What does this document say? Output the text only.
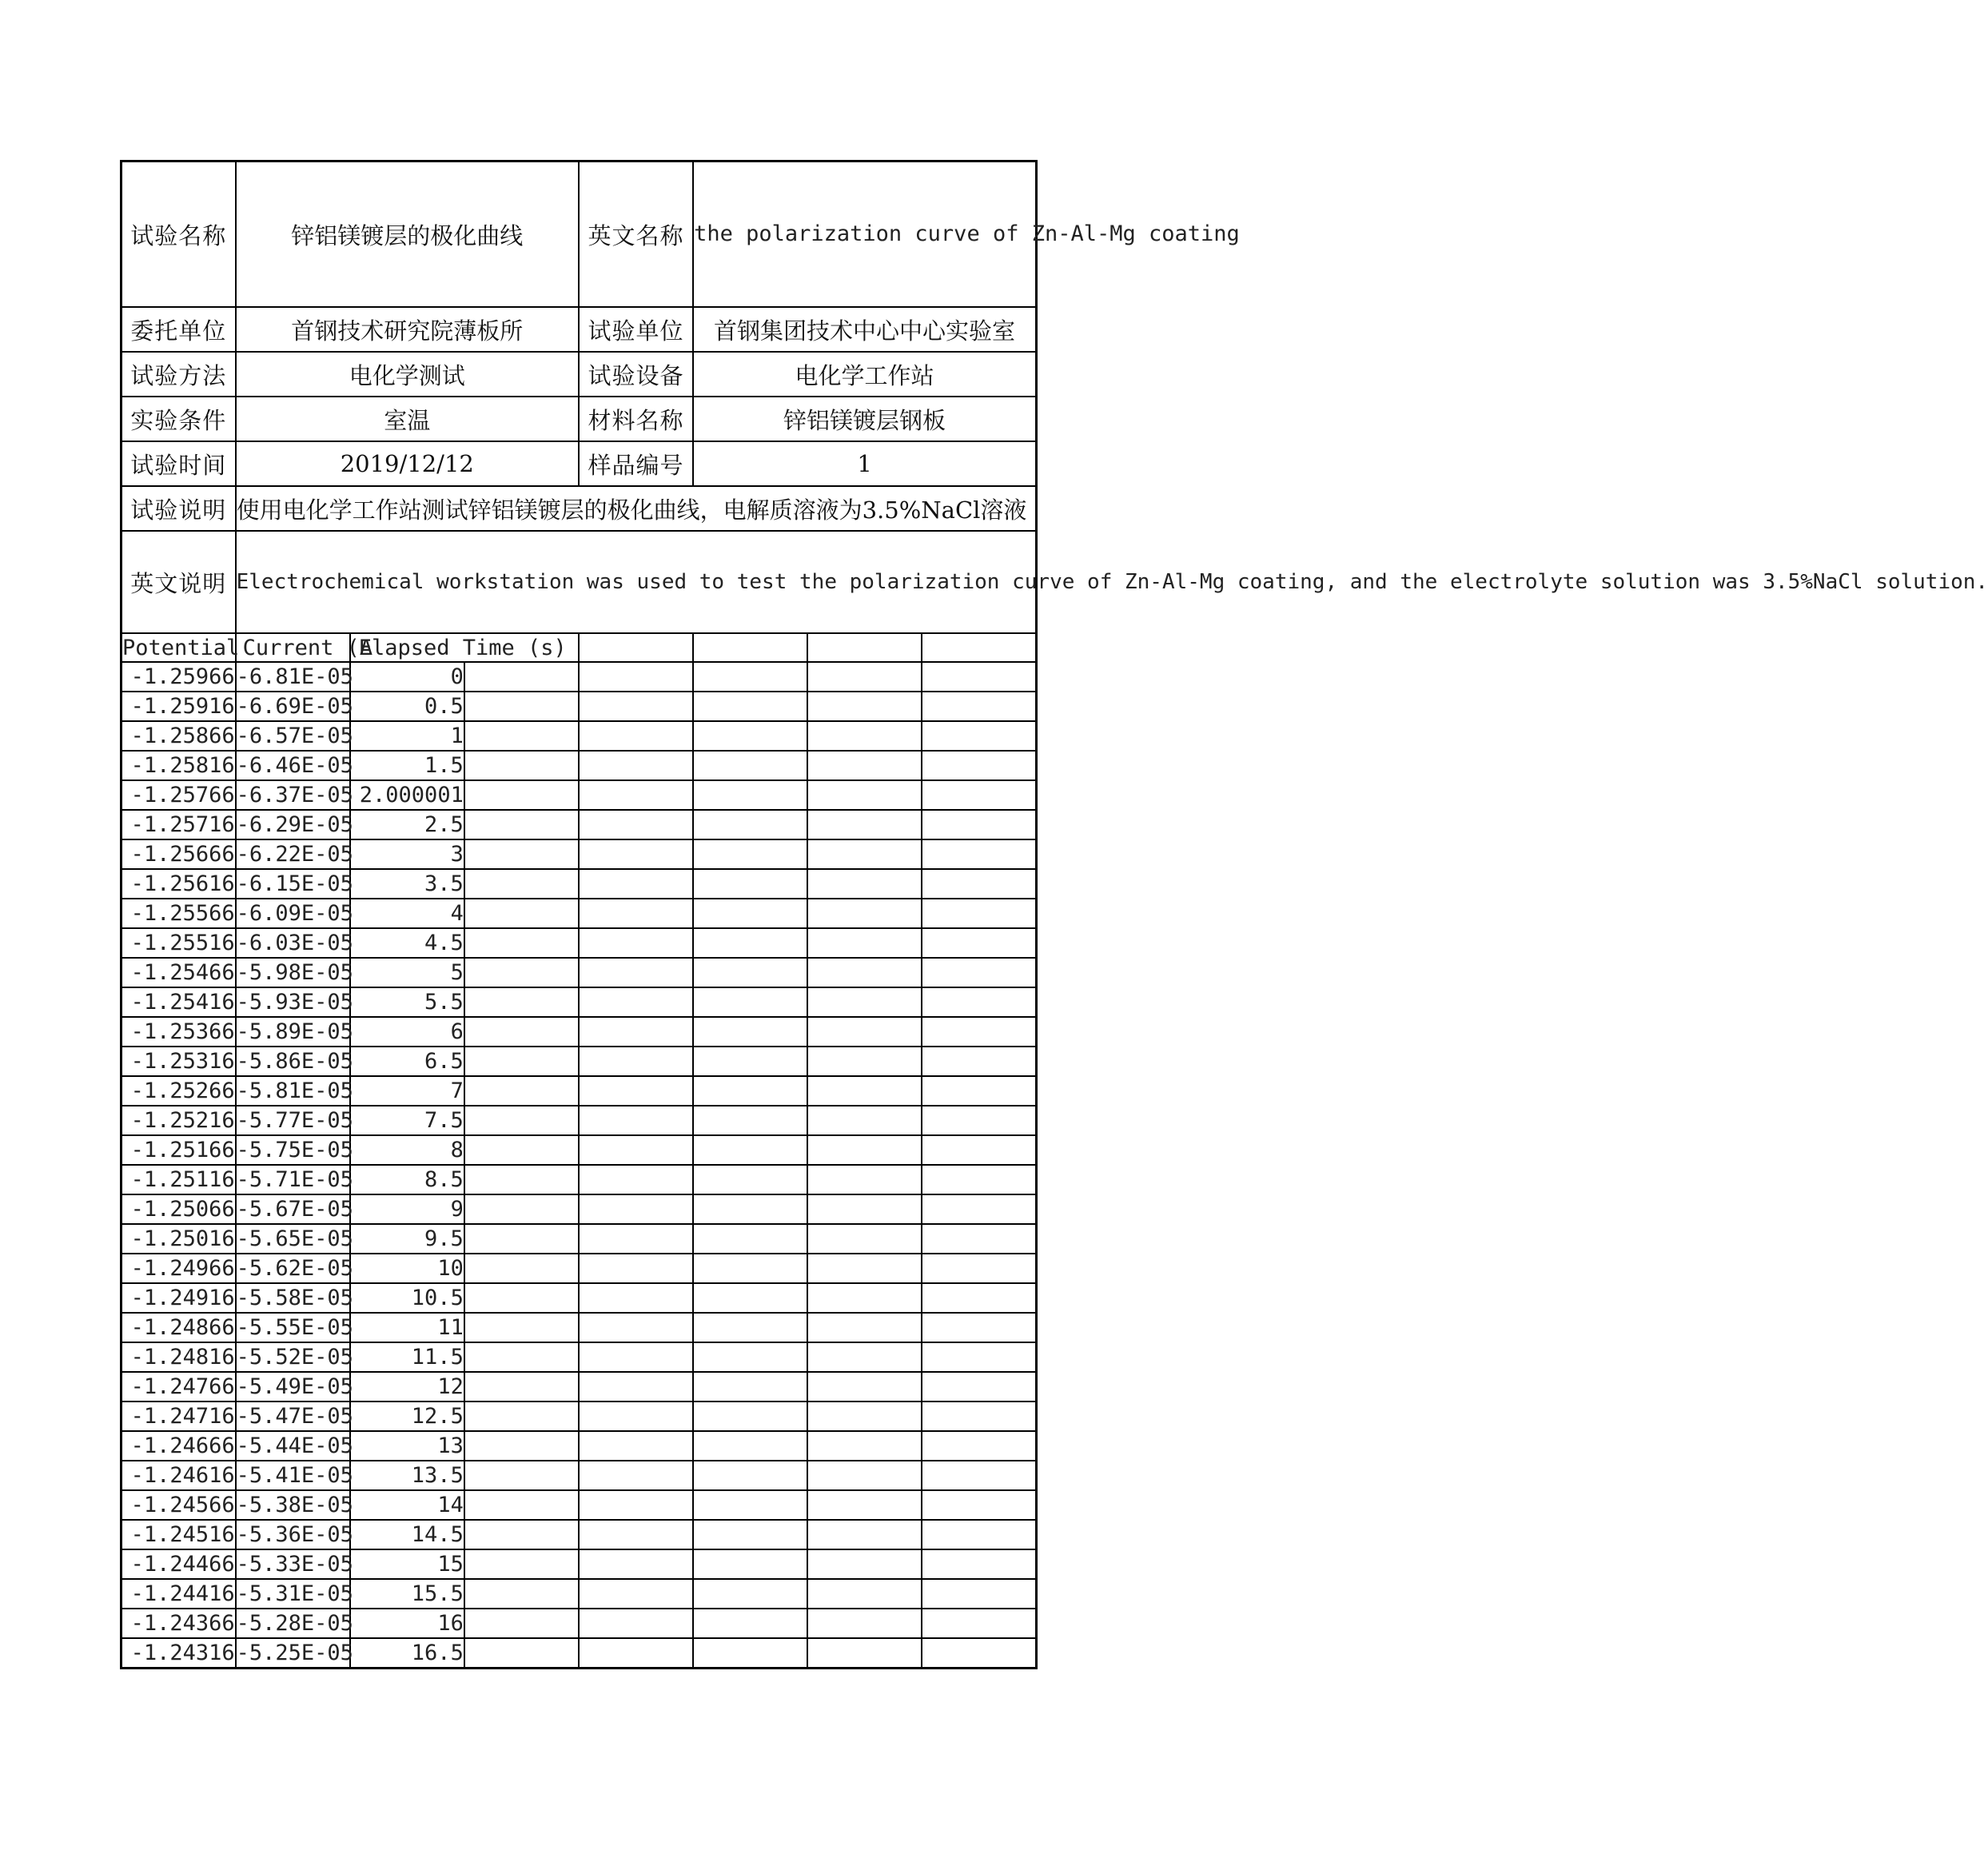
试验名称	锌铝镁镀层的极化曲线			英文名称	the polarization curve of Zn-Al-Mg coating		
委托单位	首钢技术研究院薄板所			试验单位	首钢集团技术中心中心实验室		
试验方法	电化学测试			试验设备	电化学工作站		
实验条件	室温			材料名称	锌铝镁镀层钢板		
试验时间	2019/12/12			样品编号	1		
试验说明	使用电化学工作站测试锌铝镁镀层的极化曲线，电解质溶液为3.5%NaCl溶液						
英文说明	Electrochemical workstation was used to test the polarization curve of Zn-Al-Mg coating, and the electrolyte solution was 3.5%NaCl solution.						
Potential	Current (A	Elapsed Time (s)					
-1.25966	-6.81E-05	0					
-1.25916	-6.69E-05	0.5					
-1.25866	-6.57E-05	1					
-1.25816	-6.46E-05	1.5					
-1.25766	-6.37E-05	2.000001					
-1.25716	-6.29E-05	2.5					
-1.25666	-6.22E-05	3					
-1.25616	-6.15E-05	3.5					
-1.25566	-6.09E-05	4					
-1.25516	-6.03E-05	4.5					
-1.25466	-5.98E-05	5					
-1.25416	-5.93E-05	5.5					
-1.25366	-5.89E-05	6					
-1.25316	-5.86E-05	6.5					
-1.25266	-5.81E-05	7					
-1.25216	-5.77E-05	7.5					
-1.25166	-5.75E-05	8					
-1.25116	-5.71E-05	8.5					
-1.25066	-5.67E-05	9					
-1.25016	-5.65E-05	9.5					
-1.24966	-5.62E-05	10					
-1.24916	-5.58E-05	10.5					
-1.24866	-5.55E-05	11					
-1.24816	-5.52E-05	11.5					
-1.24766	-5.49E-05	12					
-1.24716	-5.47E-05	12.5					
-1.24666	-5.44E-05	13					
-1.24616	-5.41E-05	13.5					
-1.24566	-5.38E-05	14					
-1.24516	-5.36E-05	14.5					
-1.24466	-5.33E-05	15					
-1.24416	-5.31E-05	15.5					
-1.24366	-5.28E-05	16					
-1.24316	-5.25E-05	16.5					
